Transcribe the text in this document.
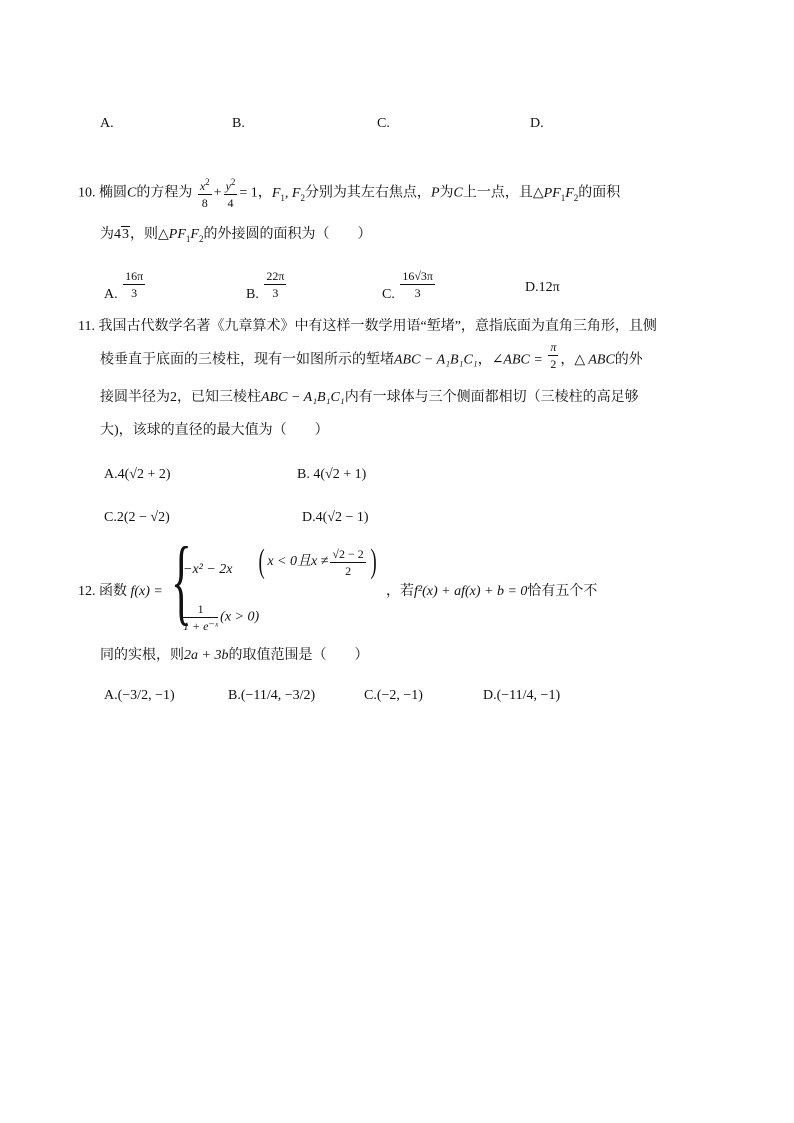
A.	B.	C.	D.
10. 椭圆C的方程为 $\frac{x^2}{8} + \frac{y^2}{4} = 1$，$F_1$, $F_2$分别为其左右焦点，P为C上一点，且$\triangle PF_1F_2$的面积
为43，则$\triangle PF_1F_2$的外接圆的面积为（　　）
A. $\frac{16\pi}{3}$	B. $\frac{22\pi}{3}$	C. $\frac{16√3\pi}{3}$	D.12π
11. 我国古代数学名著《九章算术》中有这样一数学用语“堑堵”，意指底面为直角三角形，且侧
棱垂直于底面的三棱柱，现有一如图所示的堑堵ABC − A₁B₁C₁，∠ABC = $\frac{\pi}{2}$ ，△ ABC的外
接圆半径为2，已知三棱柱ABC − A₁B₁C₁内有一球体与三个侧面都相切（三棱柱的高足够
大)，该球的直径的最大值为（　　）
A.4(√2 + 2)	B. 4(√2 + 1)
C.2(2 − √2)	D.4(√2 − 1)
12. 函数 f(x) = {
−x² − 2x ( x < 0且$x \ne \frac{√2 - 2}{2}$ )
$\frac{1}{\text{1 + e⁻ˣ}} (x > 0)$
，若f²(x) + af(x) + b = 0恰有五个不
同的实根，则2a + 3b的取值范围是（　　）
A.(−3/2, −1)	B.(−11/4, −3/2)	C.(−2, −1)	D.(−11/4, −1)
